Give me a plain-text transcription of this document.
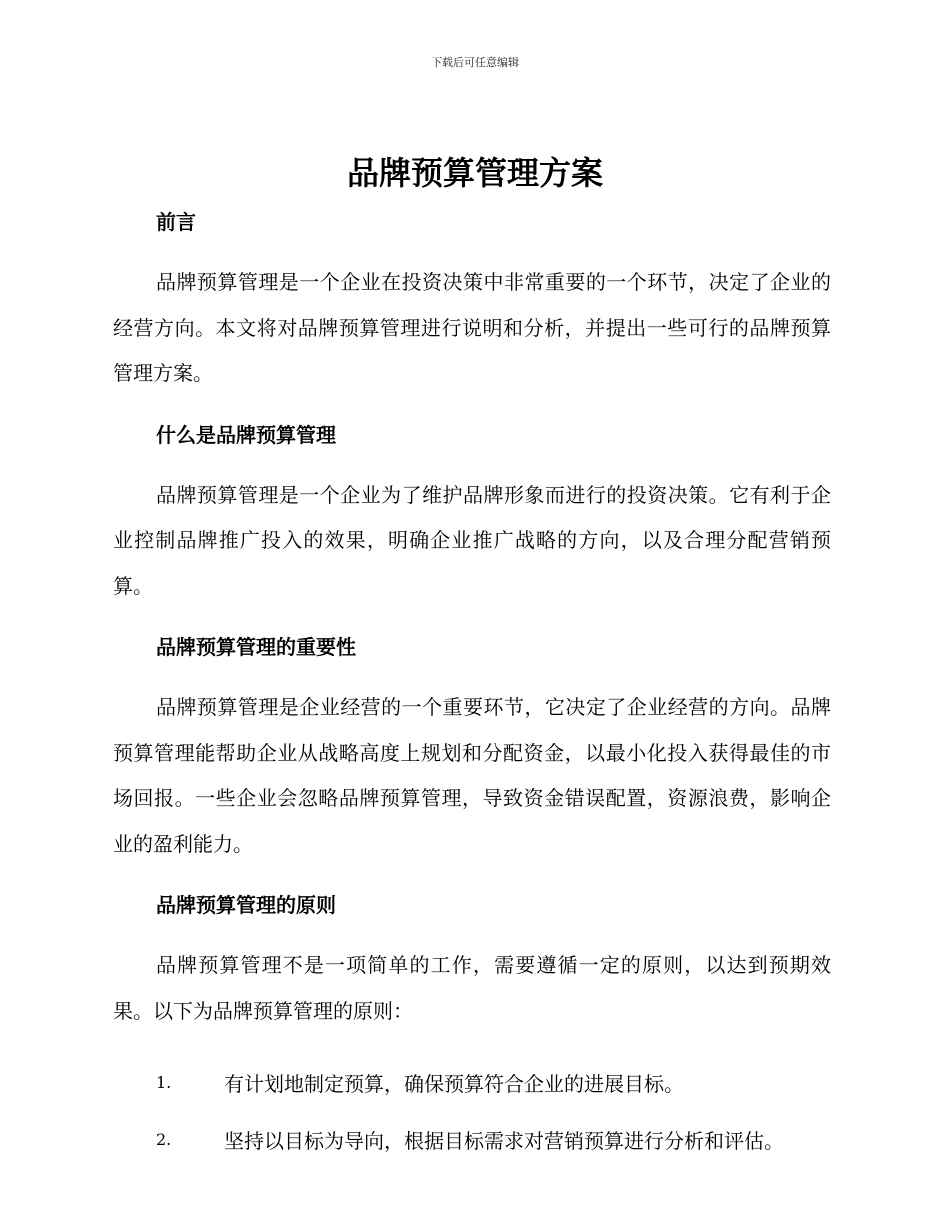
下载后可任意编辑
品牌预算管理方案
前言

品牌预算管理是一个企业在投资决策中非常重要的一个环节，决定了企业的经营方向。本文将对品牌预算管理进行说明和分析，并提出一些可行的品牌预算管理方案。

什么是品牌预算管理

品牌预算管理是一个企业为了维护品牌形象而进行的投资决策。它有利于企业控制品牌推广投入的效果，明确企业推广战略的方向，以及合理分配营销预算。

品牌预算管理的重要性

品牌预算管理是企业经营的一个重要环节，它决定了企业经营的方向。品牌预算管理能帮助企业从战略高度上规划和分配资金，以最小化投入获得最佳的市场回报。一些企业会忽略品牌预算管理，导致资金错误配置，资源浪费，影响企业的盈利能力。

品牌预算管理的原则

品牌预算管理不是一项简单的工作，需要遵循一定的原则，以达到预期效果。以下为品牌预算管理的原则：

1.	有计划地制定预算，确保预算符合企业的进展目标。
2.	坚持以目标为导向，根据目标需求对营销预算进行分析和评估。
